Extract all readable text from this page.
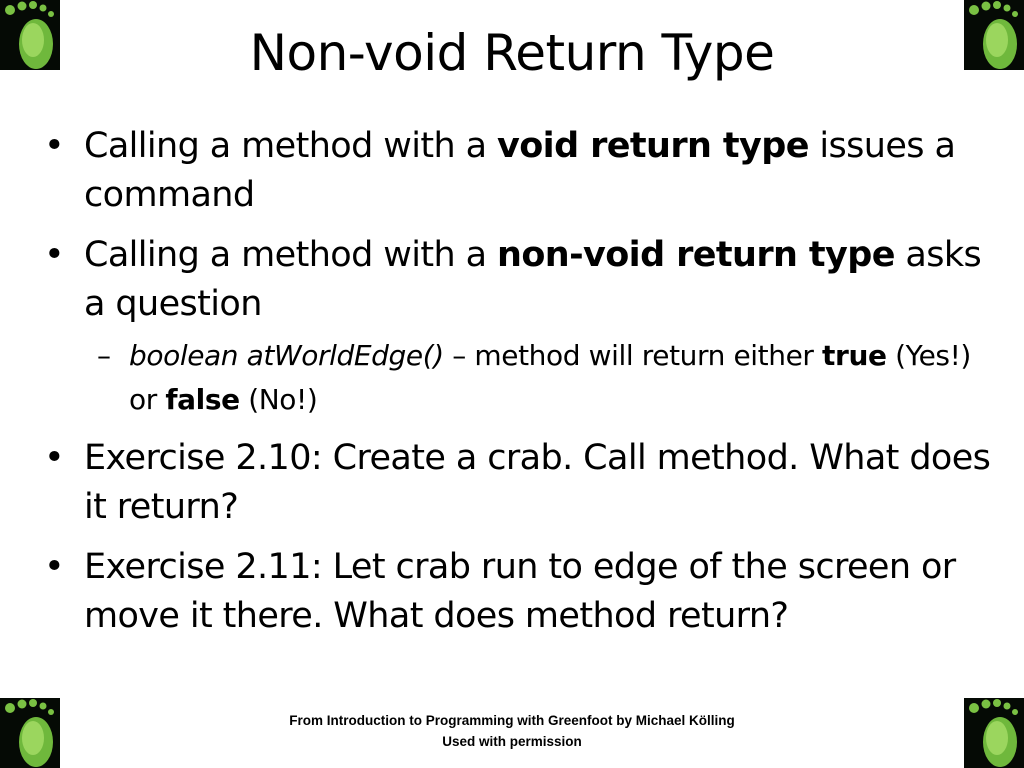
Non-void Return Type
• Calling a method with a void return type issues a command
• Calling a method with a non-void return type asks a question
– boolean atWorldEdge() – method will return either true (Yes!) or false (No!)
• Exercise 2.10: Create a crab. Call method. What does it return?
• Exercise 2.11: Let crab run to edge of the screen or move it there. What does method return?
From Introduction to Programming with Greenfoot by Michael Kölling
Used with permission
